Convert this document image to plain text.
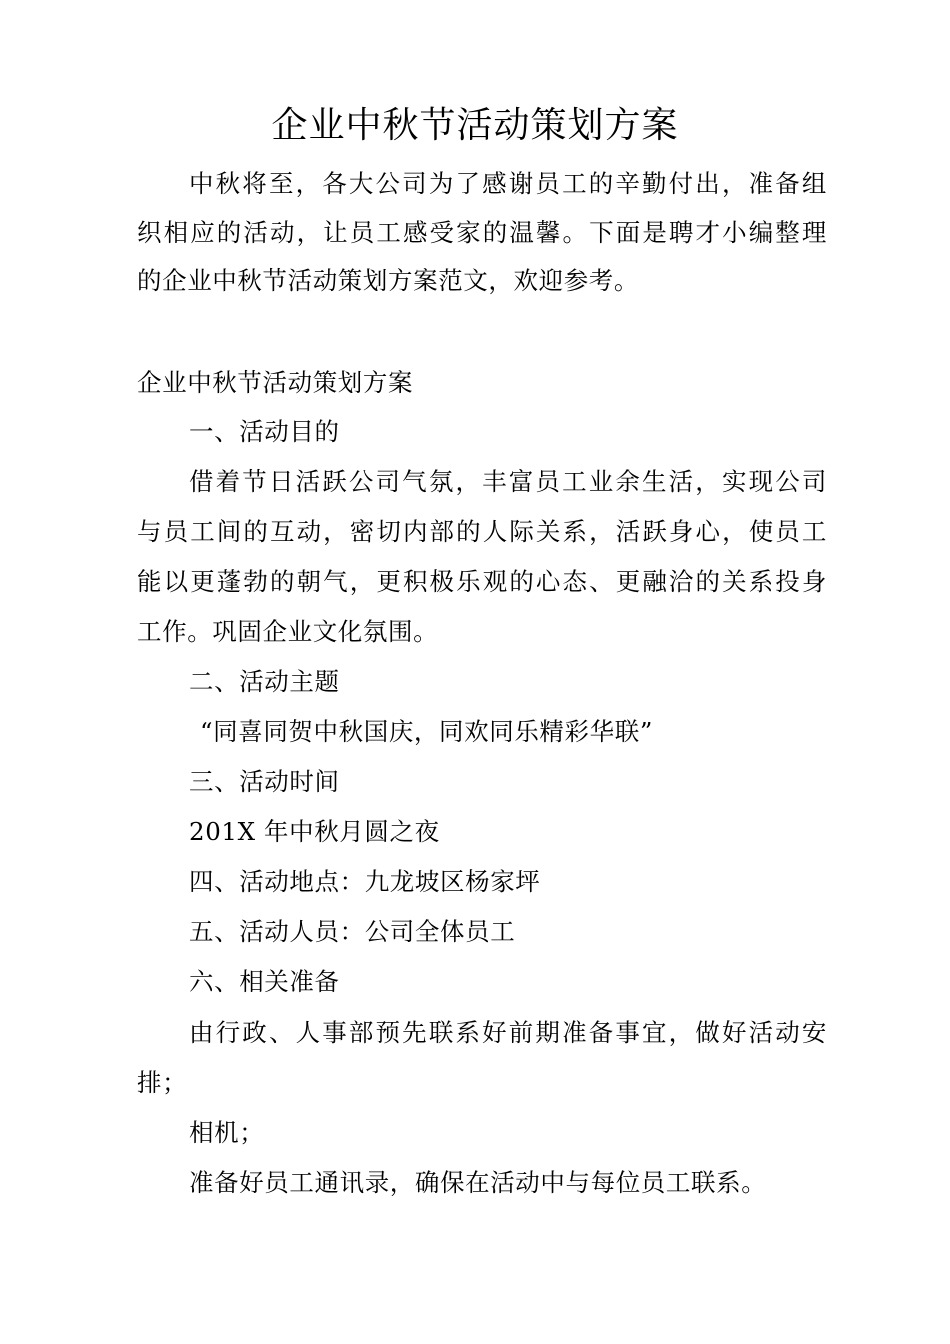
企业中秋节活动策划方案
中秋将至，各大公司为了感谢员工的辛勤付出，准备组
织相应的活动，让员工感受家的温馨。下面是聘才小编整理
的企业中秋节活动策划方案范文，欢迎参考。
企业中秋节活动策划方案
一、活动目的
借着节日活跃公司气氛，丰富员工业余生活，实现公司
与员工间的互动，密切内部的人际关系，活跃身心，使员工
能以更蓬勃的朝气，更积极乐观的心态、更融洽的关系投身
工作。巩固企业文化氛围。
二、活动主题
“同喜同贺中秋国庆，同欢同乐精彩华联”
三、活动时间
201X 年中秋月圆之夜
四、活动地点：九龙坡区杨家坪
五、活动人员：公司全体员工
六、相关准备
由行政、人事部预先联系好前期准备事宜，做好活动安
排；
相机；
准备好员工通讯录，确保在活动中与每位员工联系。
